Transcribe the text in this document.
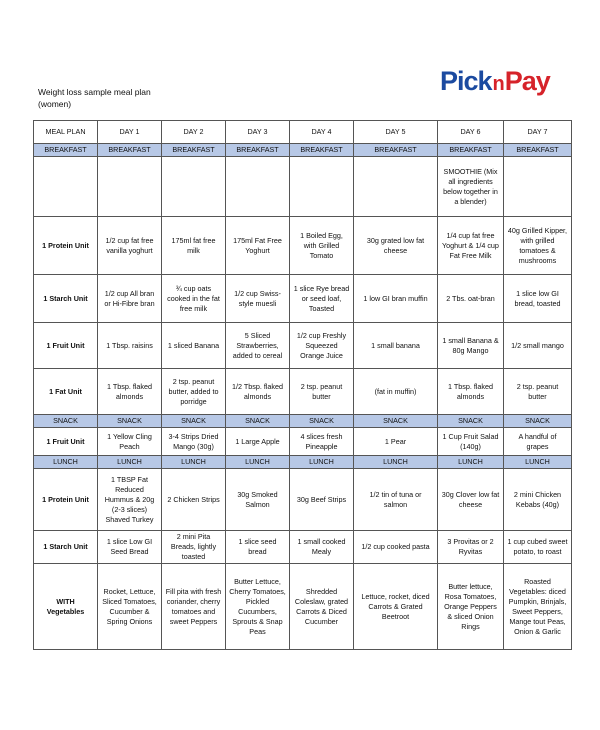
Weight loss sample meal plan
(women)
Pick n Pay
MEAL PLAN	DAY 1	DAY 2	DAY 3	DAY 4	DAY 5	DAY 6	DAY 7
BREAKFAST	BREAKFAST	BREAKFAST	BREAKFAST	BREAKFAST	BREAKFAST	BREAKFAST	BREAKFAST
						SMOOTHIE (Mix all ingredients below together in a blender)	
1 Protein Unit	1/2 cup fat free vanilla yoghurt	175ml fat free milk	175ml Fat Free Yoghurt	1 Boiled Egg, with Grilled Tomato	30g grated low fat cheese	1/4 cup fat free Yoghurt & 1/4 cup Fat Free Milk	40g Grilled Kipper, with grilled tomatoes & mushrooms
1 Starch Unit	1/2 cup All bran or Hi-Fibre bran	¾ cup oats cooked in the fat free milk	1/2 cup Swiss-style muesli	1 slice Rye bread or seed loaf, Toasted	1 low GI bran muffin	2 Tbs. oat-bran	1 slice low GI bread, toasted
1 Fruit Unit	1 Tbsp. raisins	1 sliced Banana	5 Sliced Strawberries, added to cereal	1/2 cup Freshly Squeezed Orange Juice	1 small banana	1 small Banana & 80g Mango	1/2 small mango
1 Fat Unit	1 Tbsp. flaked almonds	2 tsp. peanut butter, added to porridge	1/2 Tbsp. flaked almonds	2 tsp. peanut butter	(fat in muffin)	1 Tbsp. flaked almonds	2 tsp. peanut butter
SNACK	SNACK	SNACK	SNACK	SNACK	SNACK	SNACK	SNACK
1 Fruit Unit	1 Yellow Cling Peach	3-4 Strips Dried Mango (30g)	1 Large Apple	4 slices fresh Pineapple	1 Pear	1 Cup Fruit Salad (140g)	A handful of grapes
LUNCH	LUNCH	LUNCH	LUNCH	LUNCH	LUNCH	LUNCH	LUNCH
1 Protein Unit	1 TBSP Fat Reduced Hummus & 20g (2-3 slices) Shaved Turkey	2 Chicken Strips	30g Smoked Salmon	30g Beef Strips	1/2 tin of tuna or salmon	30g Clover low fat cheese	2 mini Chicken Kebabs (40g)
1 Starch Unit	1 slice Low GI Seed Bread	2 mini Pita Breads, lightly toasted	1 slice seed bread	1 small cooked Mealy	1/2 cup cooked pasta	3 Provitas or 2 Ryvitas	1 cup cubed sweet potato, to roast
WITH Vegetables	Rocket, Lettuce, Sliced Tomatoes, Cucumber & Spring Onions	Fill pita with fresh coriander, cherry tomatoes and sweet Peppers	Butter Lettuce, Cherry Tomatoes, Pickled Cucumbers, Sprouts & Snap Peas	Shredded Coleslaw, grated Carrots & Diced Cucumber	Lettuce, rocket, diced Carrots & Grated Beetroot	Butter lettuce, Rosa Tomatoes, Orange Peppers & sliced Onion Rings	Roasted Vegetables: diced Pumpkin, Brinjals, Sweet Peppers, Mange tout Peas, Onion & Garlic
